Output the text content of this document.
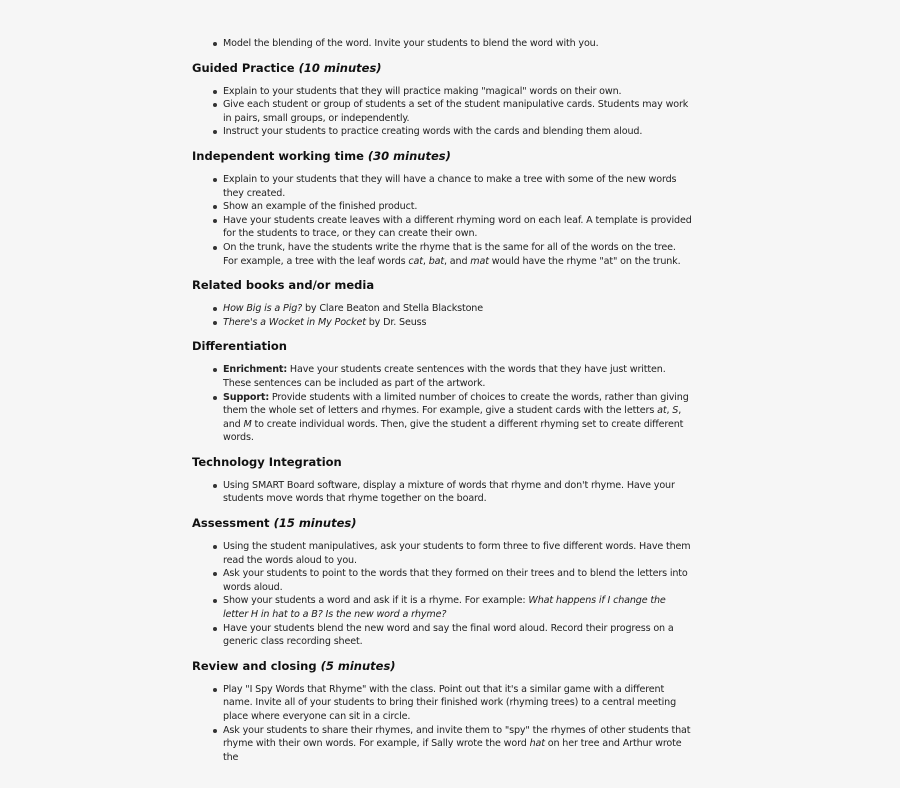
Model the blending of the word. Invite your students to blend the word with you.
Guided Practice (10 minutes)
Explain to your students that they will practice making "magical" words on their own.
Give each student or group of students a set of the student manipulative cards. Students may work in pairs, small groups, or independently.
Instruct your students to practice creating words with the cards and blending them aloud.
Independent working time (30 minutes)
Explain to your students that they will have a chance to make a tree with some of the new words they created.
Show an example of the finished product.
Have your students create leaves with a different rhyming word on each leaf. A template is provided for the students to trace, or they can create their own.
On the trunk, have the students write the rhyme that is the same for all of the words on the tree. For example, a tree with the leaf words cat, bat, and mat would have the rhyme "at" on the trunk.
Related books and/or media
How Big is a Pig? by Clare Beaton and Stella Blackstone
There's a Wocket in My Pocket by Dr. Seuss
Differentiation
Enrichment: Have your students create sentences with the words that they have just written. These sentences can be included as part of the artwork.
Support: Provide students with a limited number of choices to create the words, rather than giving them the whole set of letters and rhymes. For example, give a student cards with the letters at, S, and M to create individual words. Then, give the student a different rhyming set to create different words.
Technology Integration
Using SMART Board software, display a mixture of words that rhyme and don't rhyme. Have your students move words that rhyme together on the board.
Assessment (15 minutes)
Using the student manipulatives, ask your students to form three to five different words. Have them read the words aloud to you.
Ask your students to point to the words that they formed on their trees and to blend the letters into words aloud.
Show your students a word and ask if it is a rhyme. For example: What happens if I change the letter H in hat to a B? Is the new word a rhyme?
Have your students blend the new word and say the final word aloud. Record their progress on a generic class recording sheet.
Review and closing (5 minutes)
Play "I Spy Words that Rhyme" with the class. Point out that it's a similar game with a different name. Invite all of your students to bring their finished work (rhyming trees) to a central meeting place where everyone can sit in a circle.
Ask your students to share their rhymes, and invite them to "spy" the rhymes of other students that rhyme with their own words. For example, if Sally wrote the word hat on her tree and Arthur wrote the
